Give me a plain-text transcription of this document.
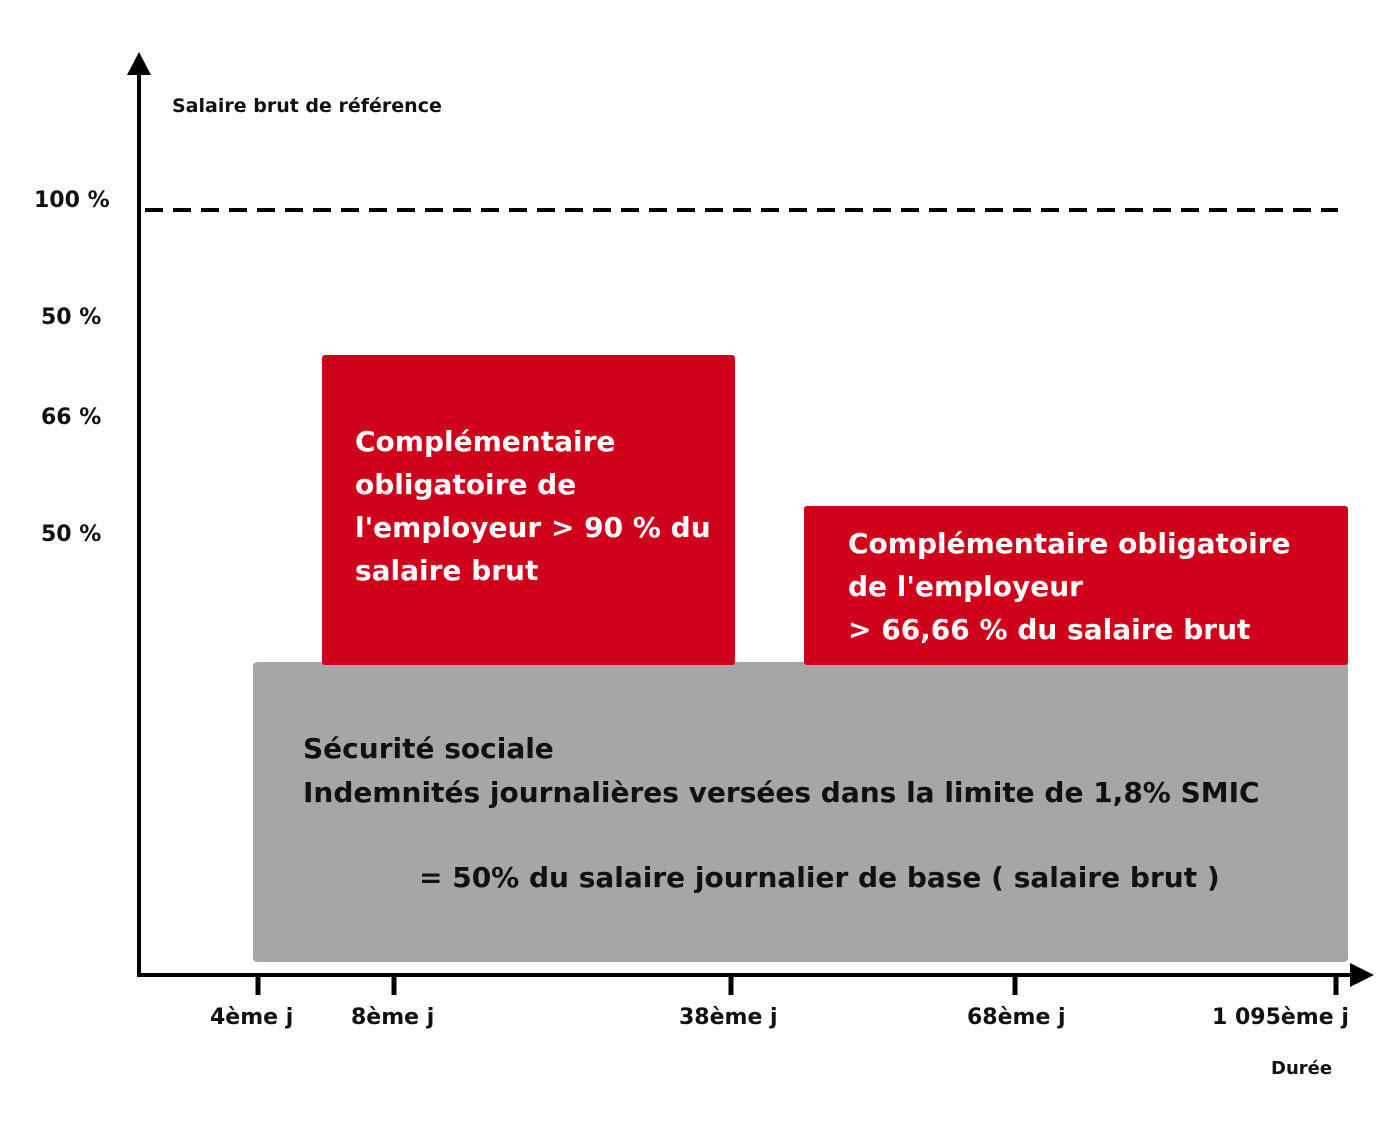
Salaire brut de référence
Durée
100 %
50 %
66 %
50 %
4ème j	8ème j	38ème j	68ème j	1 095ème j
Sécurité sociale
Indemnités journalières versées dans la limite de 1,8% SMIC
= 50% du salaire journalier de base ( salaire brut )
Complémentaire
obligatoire de
l'employeur > 90 % du
salaire brut
Complémentaire obligatoire
de l'employeur
> 66,66 % du salaire brut
